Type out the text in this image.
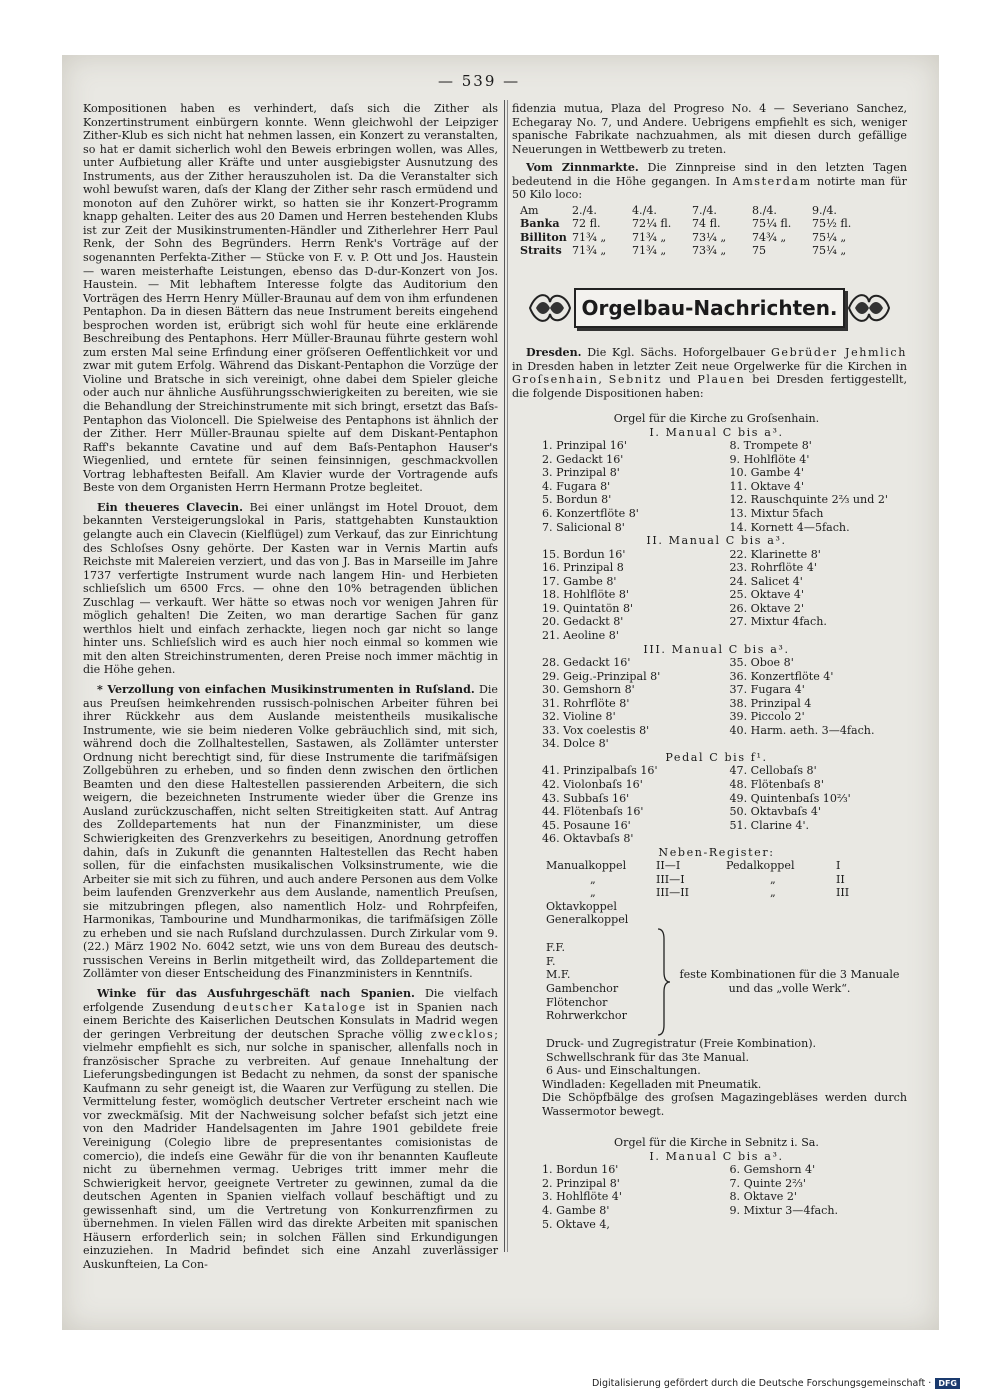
— 539 —

Kompositionen haben es verhindert, daſs sich die Zither als Konzertinstrument einbürgern konnte. Wenn gleichwohl der Leipziger Zither-Klub es sich nicht hat nehmen lassen, ein Konzert zu veranstalten, so hat er damit sicherlich wohl den Beweis erbringen wollen, was Alles, unter Aufbietung aller Kräfte und unter ausgiebigster Ausnutzung des Instruments, aus der Zither herauszuholen ist. Da die Veranstalter sich wohl bewuſst waren, daſs der Klang der Zither sehr rasch ermüdend und monoton auf den Zuhörer wirkt, so hatten sie ihr Konzert-Programm knapp gehalten. Leiter des aus 20 Damen und Herren bestehenden Klubs ist zur Zeit der Musikinstrumenten-Händler und Zitherlehrer Herr Paul Renk, der Sohn des Begründers. Herrn Renk's Vorträge auf der sogenannten Perfekta-Zither — Stücke von F. v. P. Ott und Jos. Haustein — waren meisterhafte Leistungen, ebenso das D-dur-Konzert von Jos. Haustein. — Mit lebhaftem Interesse folgte das Auditorium den Vorträgen des Herrn Henry Müller-Braunau auf dem von ihm erfundenen Pentaphon. Da in diesen Bättern das neue Instrument bereits eingehend besprochen worden ist, erübrigt sich wohl für heute eine erklärende Beschreibung des Pentaphons. Herr Müller-Braunau führte gestern wohl zum ersten Mal seine Erfindung einer gröſseren Oeffentlichkeit vor und zwar mit gutem Erfolg. Während das Diskant-Pentaphon die Vorzüge der Violine und Bratsche in sich vereinigt, ohne dabei dem Spieler gleiche oder auch nur ähnliche Ausführungsschwierigkeiten zu bereiten, wie sie die Behandlung der Streichinstrumente mit sich bringt, ersetzt das Baſs-Pentaphon das Violoncell. Die Spielweise des Pentaphons ist ähnlich der der Zither. Herr Müller-Braunau spielte auf dem Diskant-Pentaphon Raff's bekannte Cavatine und auf dem Baſs-Pentaphon Hauser's Wiegenlied, und erntete für seinen feinsinnigen, geschmackvollen Vortrag lebhaftesten Beifall. Am Klavier wurde der Vortragende aufs Beste von dem Organisten Herrn Hermann Protze begleitet.

Ein theueres Clavecin. Bei einer unlängst im Hotel Drouot, dem bekannten Versteigerungslokal in Paris, stattgehabten Kunstauktion gelangte auch ein Clavecin (Kielflügel) zum Verkauf, das zur Einrichtung des Schloſses Osny gehörte. Der Kasten war in Vernis Martin aufs Reichste mit Malereien verziert, und das von J. Bas in Marseille im Jahre 1737 verfertigte Instrument wurde nach langem Hin- und Herbieten schlieſslich um 6500 Frcs. — ohne den 10% betragenden üblichen Zuschlag — verkauft. Wer hätte so etwas noch vor wenigen Jahren für möglich gehalten! Die Zeiten, wo man derartige Sachen für ganz werthlos hielt und einfach zerhackte, liegen noch gar nicht so lange hinter uns. Schlieſslich wird es auch hier noch einmal so kommen wie mit den alten Streichinstrumenten, deren Preise noch immer mächtig in die Höhe gehen.

* Verzollung von einfachen Musikinstrumenten in Ruſsland. Die aus Preuſsen heimkehrenden russisch-polnischen Arbeiter führen bei ihrer Rückkehr aus dem Auslande meistentheils musikalische Instrumente, wie sie beim niederen Volke gebräuchlich sind, mit sich, während doch die Zollhaltestellen, Sastawen, als Zollämter unterster Ordnung nicht berechtigt sind, für diese Instrumente die tarifmäſsigen Zollgebühren zu erheben, und so finden denn zwischen den örtlichen Beamten und den diese Haltestellen passierenden Arbeitern, die sich weigern, die bezeichneten Instrumente wieder über die Grenze ins Ausland zurückzuschaffen, nicht selten Streitigkeiten statt. Auf Antrag des Zolldepartements hat nun der Finanzminister, um diese Schwierigkeiten des Grenzverkehrs zu beseitigen, Anordnung getroffen dahin, daſs in Zukunft die genannten Haltestellen das Recht haben sollen, für die einfachsten musikalischen Volksinstrumente, wie die Arbeiter sie mit sich zu führen, und auch andere Personen aus dem Volke beim laufenden Grenzverkehr aus dem Auslande, namentlich Preuſsen, sie mitzubringen pflegen, also namentlich Holz- und Rohrpfeifen, Harmonikas, Tambourine und Mundharmonikas, die tarifmäſsigen Zölle zu erheben und sie nach Ruſsland durchzulassen. Durch Zirkular vom 9. (22.) März 1902 No. 6042 setzt, wie uns von dem Bureau des deutsch-russischen Vereins in Berlin mitgetheilt wird, das Zolldepartement die Zollämter von dieser Entscheidung des Finanzministers in Kenntniſs.

Winke für das Ausfuhrgeschäft nach Spanien. Die vielfach erfolgende Zusendung deutscher Kataloge ist in Spanien nach einem Berichte des Kaiserlichen Deutschen Konsulats in Madrid wegen der geringen Verbreitung der deutschen Sprache völlig zwecklos; vielmehr empfiehlt es sich, nur solche in spanischer, allenfalls noch in französischer Sprache zu verbreiten. Auf genaue Innehaltung der Lieferungsbedingungen ist Bedacht zu nehmen, da sonst der spanische Kaufmann zu sehr geneigt ist, die Waaren zur Verfügung zu stellen. Die Vermittelung fester, womöglich deutscher Vertreter erscheint nach wie vor zweckmäſsig. Mit der Nachweisung solcher befaſst sich jetzt eine von den Madrider Handelsagenten im Jahre 1901 gebildete freie Vereinigung (Colegio libre de prepresentantes comisionistas de comercio), die indeſs eine Gewähr für die von ihr benannten Kaufleute nicht zu übernehmen vermag. Uebriges tritt immer mehr die Schwierigkeit hervor, geeignete Vertreter zu gewinnen, zumal da die deutschen Agenten in Spanien vielfach vollauf beschäftigt und zu gewissenhaft sind, um die Vertretung von Konkurrenzfirmen zu übernehmen. In vielen Fällen wird das direkte Arbeiten mit spanischen Häusern erforderlich sein; in solchen Fällen sind Erkundigungen einzuziehen. In Madrid befindet sich eine Anzahl zuverlässiger Auskunfteien, La Con-

fidenzia mutua, Plaza del Progreso No. 4 — Severiano Sanchez, Echegaray No. 7, und Andere. Uebrigens empfiehlt es sich, weniger spanische Fabrikate nachzuahmen, als mit diesen durch gefällige Neuerungen in Wettbewerb zu treten.

Vom Zinnmarkte. Die Zinnpreise sind in den letzten Tagen bedeutend in die Höhe gegangen. In Amsterdam notirte man für 50 Kilo loco:

Am	2./4.	4./4.	7./4.	8./4.	9./4.
Banka	72 fl.	72¼ fl.	74 fl.	75¼ fl.	75½ fl.
Billiton 71¾ „	71¾ „	73¼ „	74¾ „	75¼ „
Straits 71¾ „	71¾ „	73¾ „	75	75¼ „
Orgelbau-Nachrichten.

Dresden. Die Kgl. Sächs. Hoforgelbauer Gebrüder Jehmlich in Dresden haben in letzter Zeit neue Orgelwerke für die Kirchen in Groſsenhain, Sebnitz und Plauen bei Dresden fertiggestellt, die folgende Dispositionen haben:

Orgel für die Kirche zu Groſsenhain.

I. Manual C bis a³.

1. Prinzipal 16'	8. Trompete 8'
2. Gedackt 16'	9. Hohlflöte 4'
3. Prinzipal 8'	10. Gambe 4'
4. Fugara 8'	11. Oktave 4'
5. Bordun 8'	12. Rauschquinte 2⅔ und 2'
6. Konzertflöte 8'	13. Mixtur 5fach
7. Salicional 8'	14. Kornett 4—5fach.

II. Manual C bis a³.

15. Bordun 16'	22. Klarinette 8'
16. Prinzipal 8	23. Rohrflöte 4'
17. Gambe 8'	24. Salicet 4'
18. Hohlflöte 8'	25. Oktave 4'
19. Quintatön 8'	26. Oktave 2'
20. Gedackt 8'	27. Mixtur 4fach.
21. Aeoline 8'

III. Manual C bis a³.

28. Gedackt 16'	35. Oboe 8'
29. Geig.-Prinzipal 8'	36. Konzertflöte 4'
30. Gemshorn 8'	37. Fugara 4'
31. Rohrflöte 8'	38. Prinzipal 4
32. Violine 8'	39. Piccolo 2'
33. Vox coelestis 8'	40. Harm. aeth. 3—4fach.
34. Dolce 8'

Pedal C bis f¹.

41. Prinzipalbaſs 16'	47. Cellobaſs 8'
42. Violonbaſs 16'	48. Flötenbaſs 8'
43. Subbaſs 16'	49. Quintenbaſs 10⅔'
44. Flötenbaſs 16'	50. Oktavbaſs 4'
45. Posaune 16'	51. Clarine 4'.
46. Oktavbaſs 8'

Neben-Register:

Manualkoppel	II—I	Pedalkoppel	I
„	III—I	„	II
„	III—II	„	III
Oktavkoppel
Generalkoppel
F.F.
F.
M.F.
Gambenchor
Flötenchor
Rohrwerkchor
feste Kombinationen für die 3 Manuale und das „volle Werk“.
Druck- und Zugregistratur (Freie Kombination).
Schwellschrank für das 3te Manual.
6 Aus- und Einschaltungen.

Windladen: Kegelladen mit Pneumatik.

Die Schöpfbälge des groſsen Magazingebläses werden durch Wassermotor bewegt.

Orgel für die Kirche in Sebnitz i. Sa.

I. Manual C bis a³.

1. Bordun 16'	6. Gemshorn 4'
2. Prinzipal 8'	7. Quinte 2⅔'
3. Hohlflöte 4'	8. Oktave 2'
4. Gambe 8'	9. Mixtur 3—4fach.
5. Oktave 4,
Digitalisierung gefördert durch die Deutsche Forschungsgemeinschaft · DFG
